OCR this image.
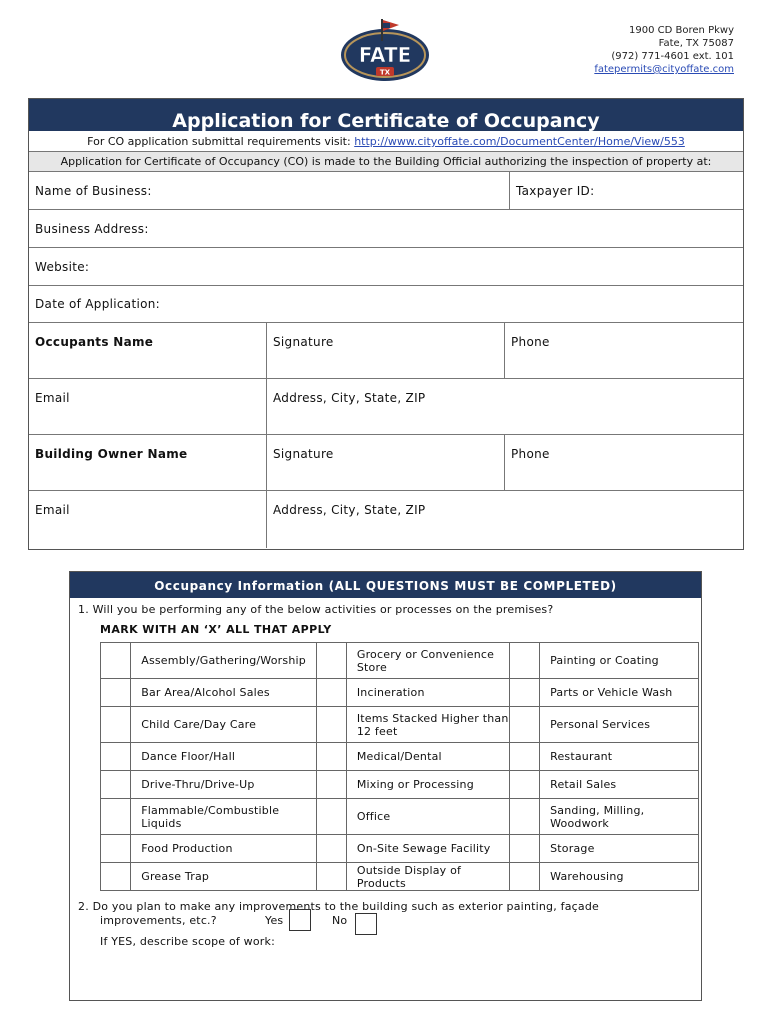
FATE
TX
1900 CD Boren Pkwy
Fate, TX 75087
(972) 771-4601 ext. 101
fatepermits@cityoffate.com
Application for Certificate of Occupancy
For CO application submittal requirements visit: http://www.cityoffate.com/DocumentCenter/Home/View/553
Application for Certificate of Occupancy (CO) is made to the Building Official authorizing the inspection of property at:
Name of Business:	Taxpayer ID:
Business Address:
Website:
Date of Application:
Occupants Name	Signature	Phone
Email	Address, City, State, ZIP
Building Owner Name	Signature	Phone
Email	Address, City, State, ZIP
Occupancy Information (ALL QUESTIONS MUST BE COMPLETED)
1. Will you be performing any of the below activities or processes on the premises?
MARK WITH AN ‘X’ ALL THAT APPLY
	Assembly/Gathering/Worship		Grocery or Convenience Store		Painting or Coating
	Bar Area/Alcohol Sales		Incineration		Parts or Vehicle Wash
	Child Care/Day Care		Items Stacked Higher than 12 feet		Personal Services
	Dance Floor/Hall		Medical/Dental		Restaurant
	Drive-Thru/Drive-Up		Mixing or Processing		Retail Sales
	Flammable/Combustible Liquids		Office		Sanding, Milling, Woodwork
	Food Production		On-Site Sewage Facility		Storage
	Grease Trap		Outside Display of Products		Warehousing
2. Do you plan to make any improvements to the building such as exterior painting, façade
improvements, etc.?	Yes	No
If YES, describe scope of work:
